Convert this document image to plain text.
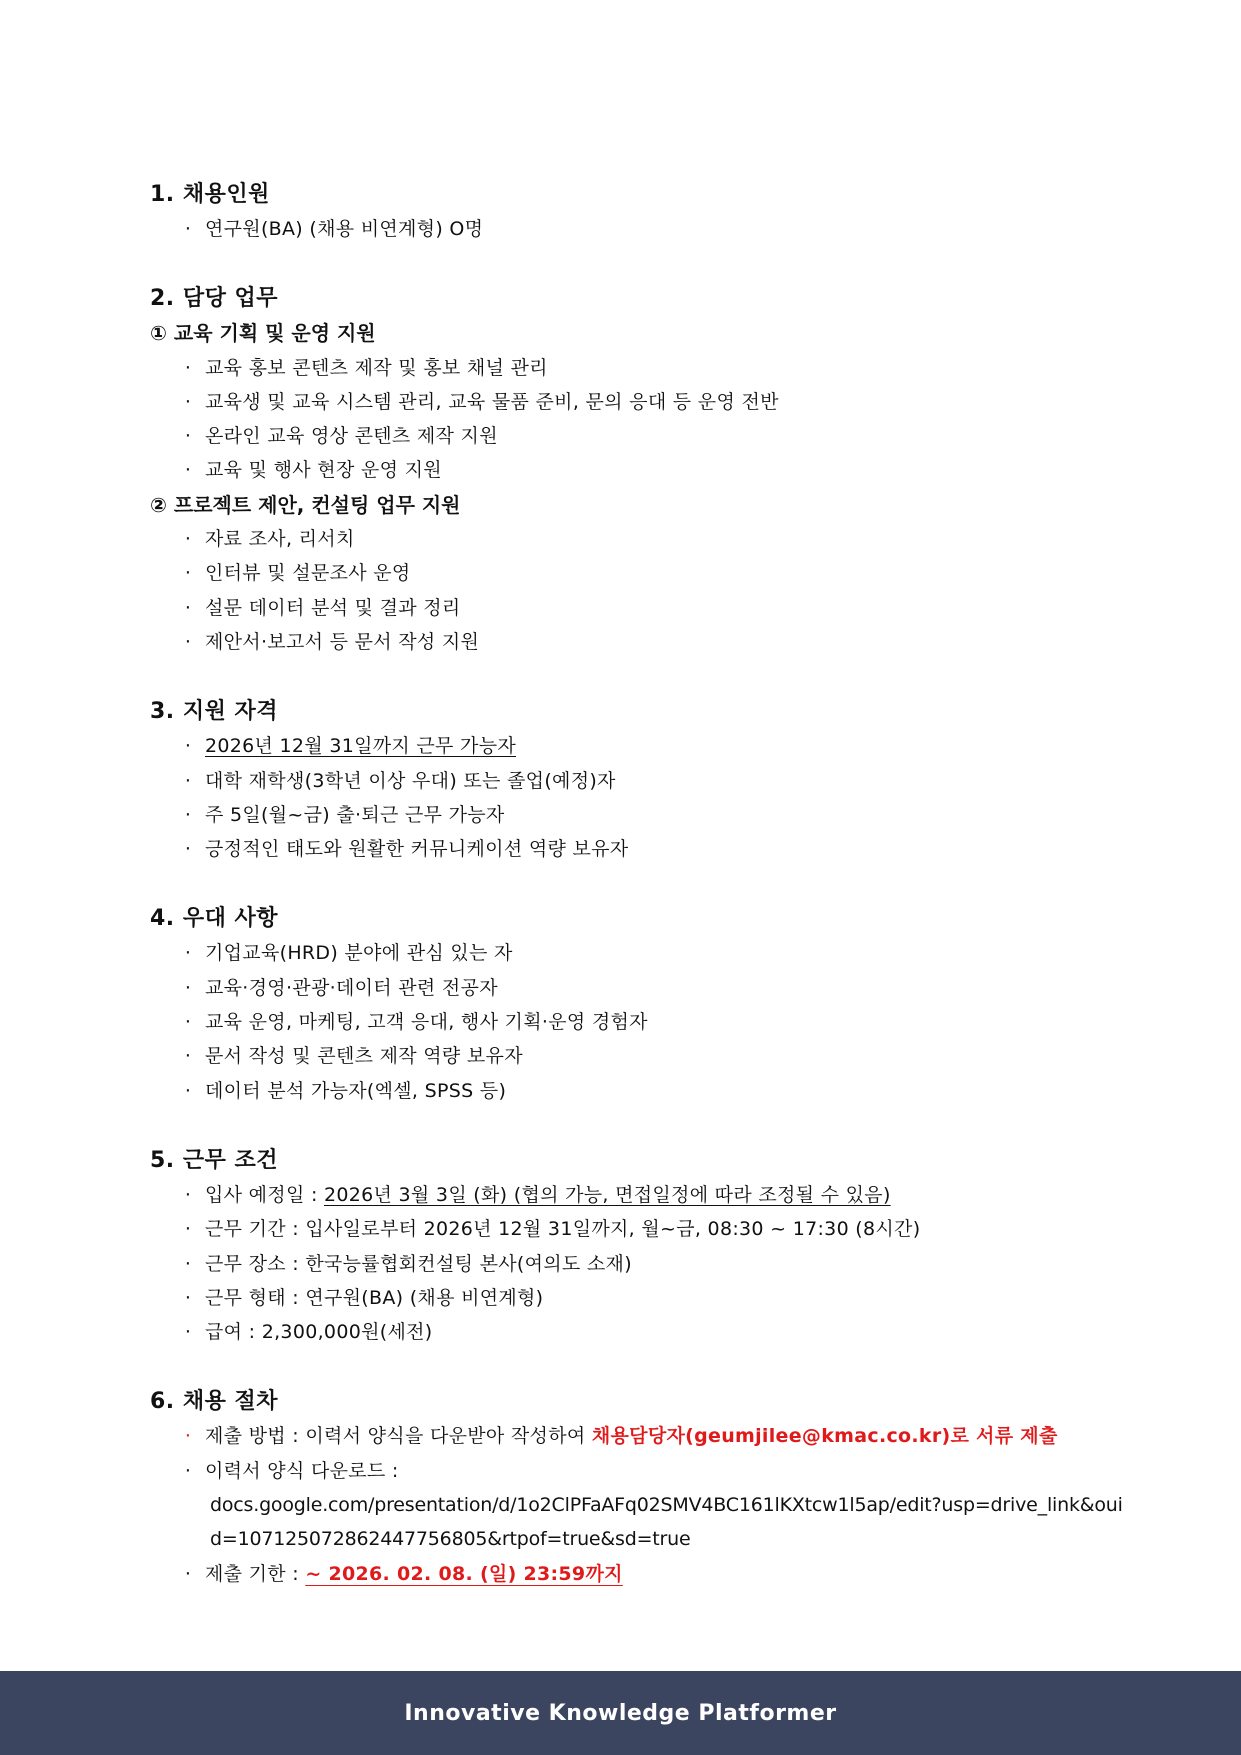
1. 채용인원
· 연구원(BA) (채용 비연계형) O명
2. 담당 업무
① 교육 기획 및 운영 지원
· 교육 홍보 콘텐츠 제작 및 홍보 채널 관리
· 교육생 및 교육 시스템 관리, 교육 물품 준비, 문의 응대 등 운영 전반
· 온라인 교육 영상 콘텐츠 제작 지원
· 교육 및 행사 현장 운영 지원
② 프로젝트 제안, 컨설팅 업무 지원
· 자료 조사, 리서치
· 인터뷰 및 설문조사 운영
· 설문 데이터 분석 및 결과 정리
· 제안서·보고서 등 문서 작성 지원
3. 지원 자격
· 2026년 12월 31일까지 근무 가능자
· 대학 재학생(3학년 이상 우대) 또는 졸업(예정)자
· 주 5일(월~금) 출·퇴근 근무 가능자
· 긍정적인 태도와 원활한 커뮤니케이션 역량 보유자
4. 우대 사항
· 기업교육(HRD) 분야에 관심 있는 자
· 교육·경영·관광·데이터 관련 전공자
· 교육 운영, 마케팅, 고객 응대, 행사 기획·운영 경험자
· 문서 작성 및 콘텐츠 제작 역량 보유자
· 데이터 분석 가능자(엑셀, SPSS 등)
5. 근무 조건
· 입사 예정일 : 2026년 3월 3일 (화) (협의 가능, 면접일정에 따라 조정될 수 있음)
· 근무 기간 : 입사일로부터 2026년 12월 31일까지, 월~금, 08:30 ~ 17:30 (8시간)
· 근무 장소 : 한국능률협회컨설팅 본사(여의도 소재)
· 근무 형태 : 연구원(BA) (채용 비연계형)
· 급여 : 2,300,000원(세전)
6. 채용 절차
· 제출 방법 : 이력서 양식을 다운받아 작성하여 채용담당자(geumjilee@kmac.co.kr)로 서류 제출
· 이력서 양식 다운로드 :
docs.google.com/presentation/d/1o2ClPFaAFq02SMV4BC161lKXtcw1l5ap/edit?usp=drive_link&oui
d=107125072862447756805&rtpof=true&sd=true
· 제출 기한 : ~ 2026. 02. 08. (일) 23:59까지
Innovative Knowledge Platformer
